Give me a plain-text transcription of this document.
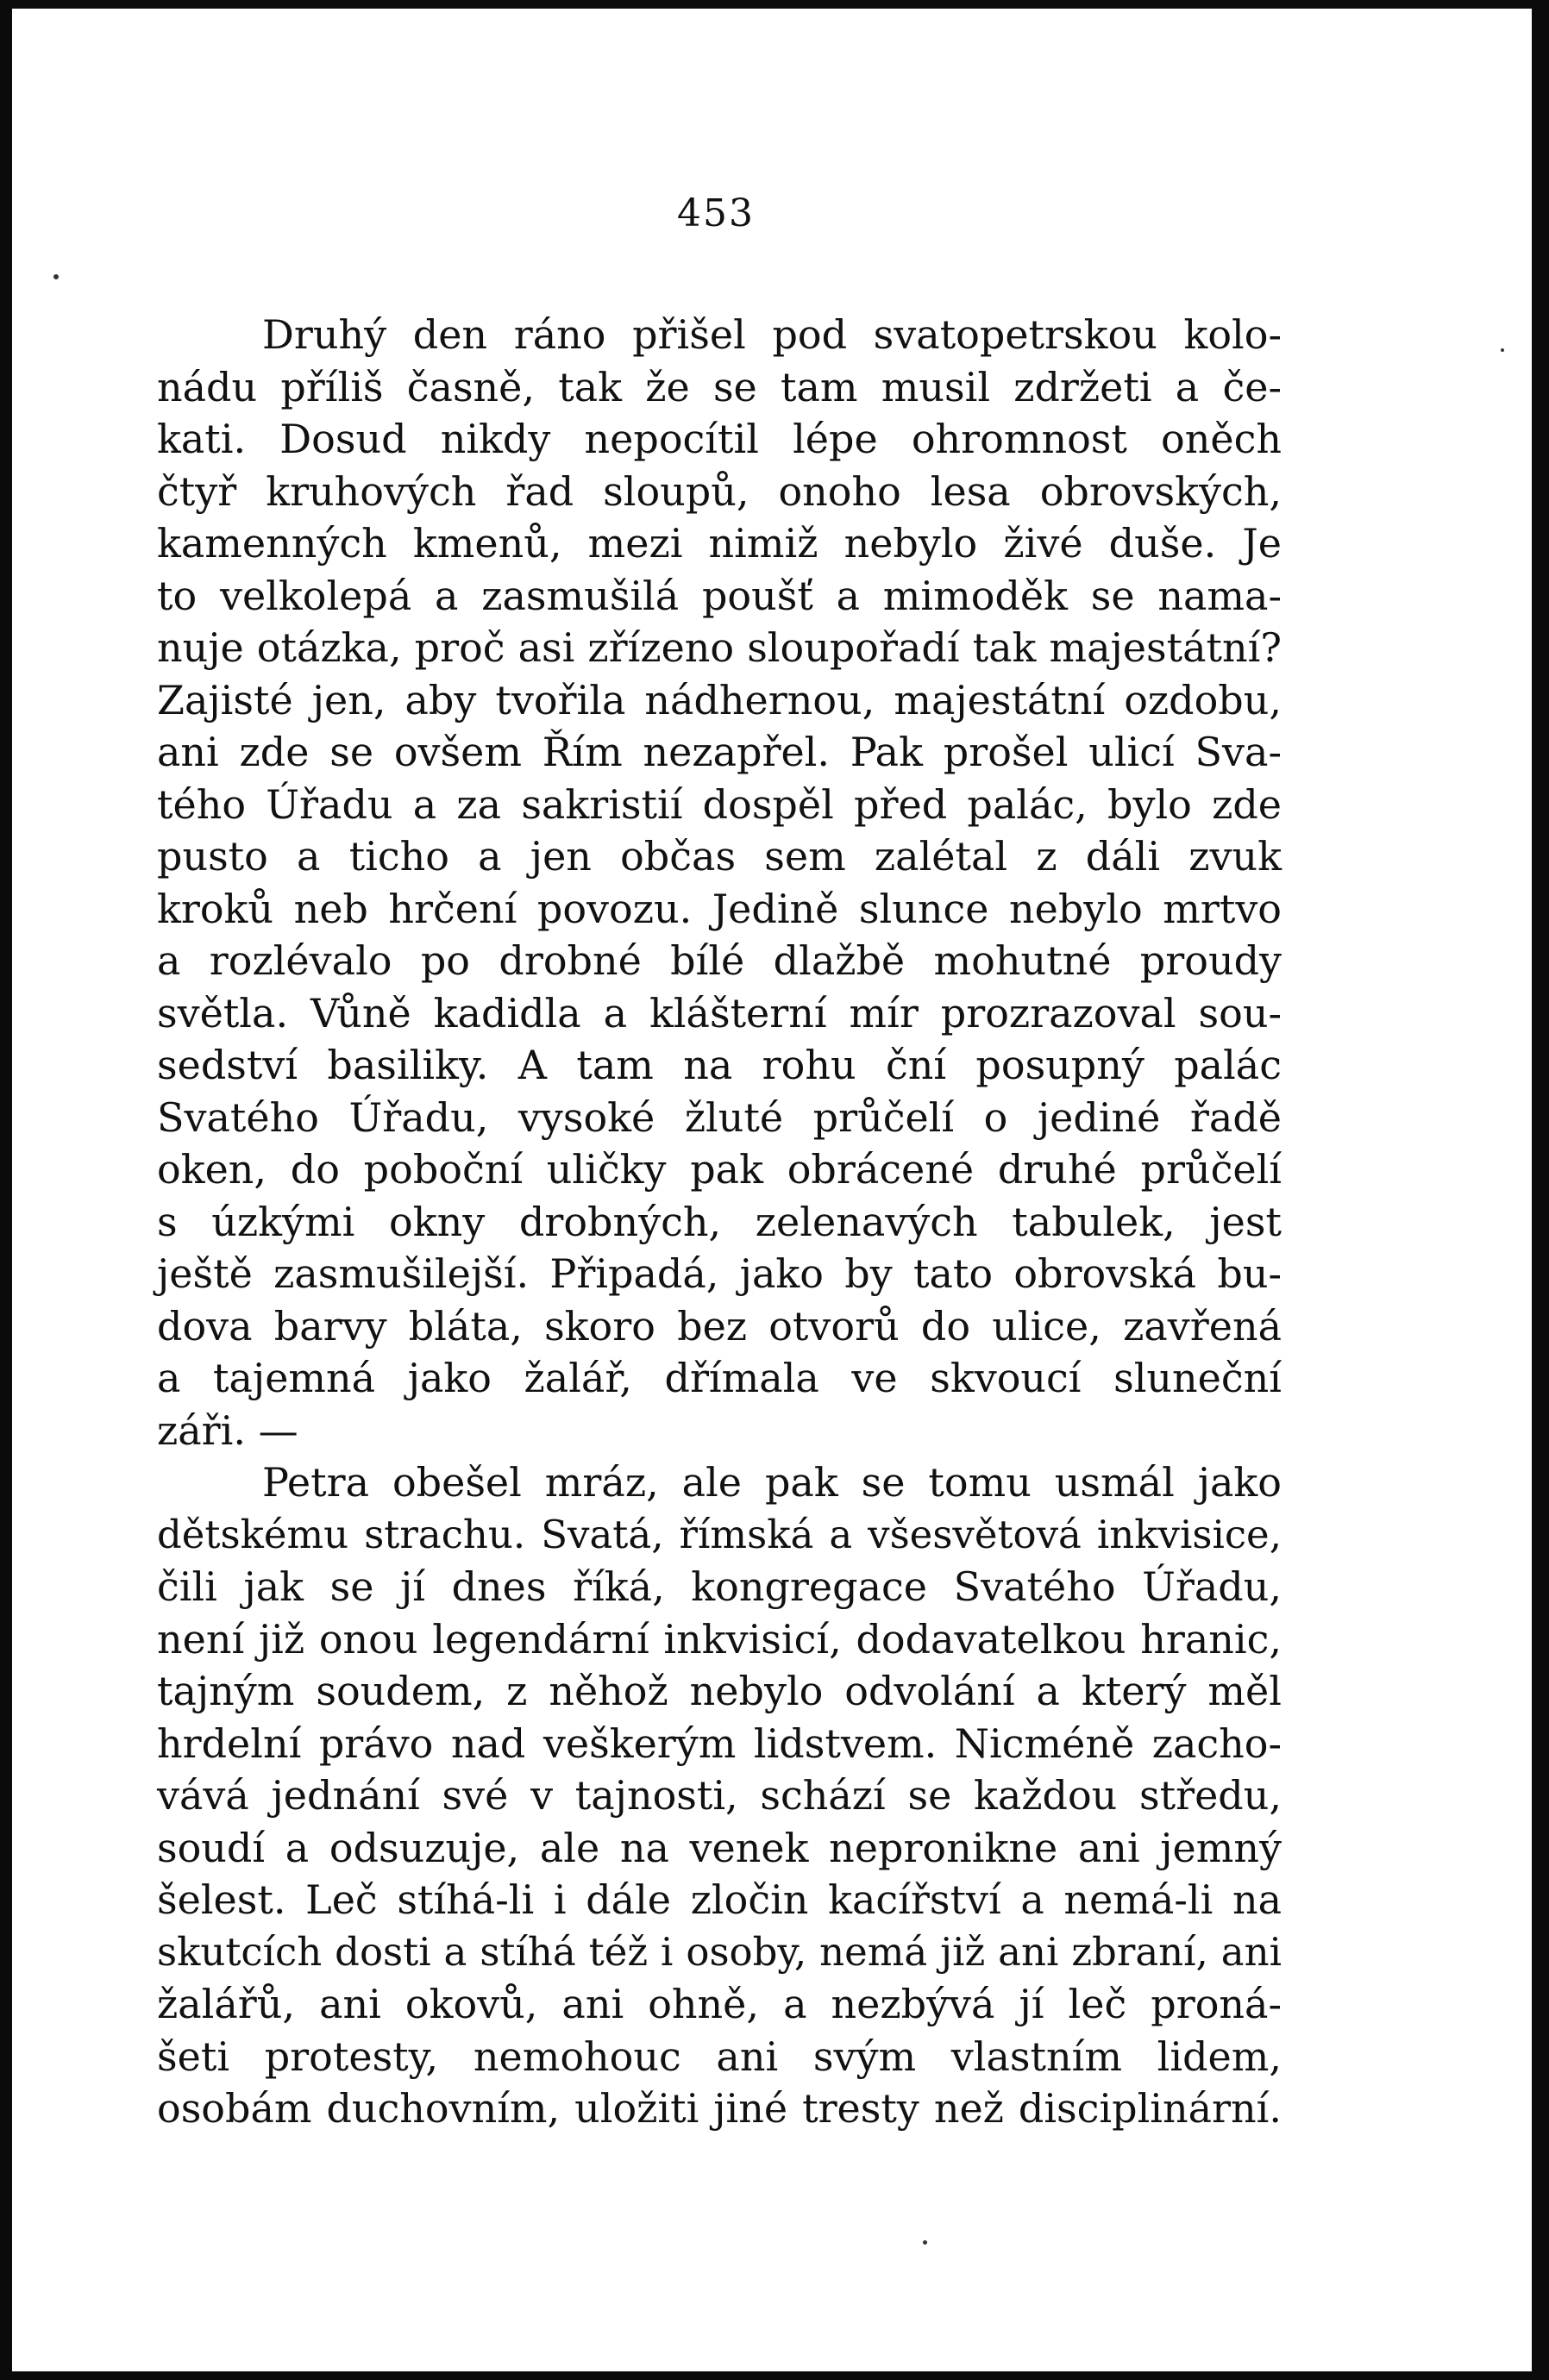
453
Druhý den ráno přišel pod svatopetrskou kolo-
nádu příliš časně, tak že se tam musil zdržeti a če-
kati. Dosud nikdy nepocítil lépe ohromnost oněch
čtyř kruhových řad sloupů, onoho lesa obrovských,
kamenných kmenů, mezi nimiž nebylo živé duše. Je
to velkolepá a zasmušilá poušť a mimoděk se nama-
nuje otázka, proč asi zřízeno sloupořadí tak majestátní?
Zajisté jen, aby tvořila nádhernou, majestátní ozdobu,
ani zde se ovšem Řím nezapřel. Pak prošel ulicí Sva-
tého Úřadu a za sakristií dospěl před palác, bylo zde
pusto a ticho a jen občas sem zalétal z dáli zvuk
kroků neb hrčení povozu. Jedině slunce nebylo mrtvo
a rozlévalo po drobné bílé dlažbě mohutné proudy
světla. Vůně kadidla a klášterní mír prozrazoval sou-
sedství basiliky. A tam na rohu ční posupný palác
Svatého Úřadu, vysoké žluté průčelí o jediné řadě
oken, do poboční uličky pak obrácené druhé průčelí
s úzkými okny drobných, zelenavých tabulek, jest
ještě zasmušilejší. Připadá, jako by tato obrovská bu-
dova barvy bláta, skoro bez otvorů do ulice, zavřená
a tajemná jako žalář, dřímala ve skvoucí sluneční
záři. —
Petra obešel mráz, ale pak se tomu usmál jako
dětskému strachu. Svatá, římská a všesvětová inkvisice,
čili jak se jí dnes říká, kongregace Svatého Úřadu,
není již onou legendární inkvisicí, dodavatelkou hranic,
tajným soudem, z něhož nebylo odvolání a který měl
hrdelní právo nad veškerým lidstvem. Nicméně zacho-
vává jednání své v tajnosti, schází se každou středu,
soudí a odsuzuje, ale na venek nepronikne ani jemný
šelest. Leč stíhá-li i dále zločin kacířství a nemá-li na
skutcích dosti a stíhá též i osoby, nemá již ani zbraní, ani
žalářů, ani okovů, ani ohně, a nezbývá jí leč proná-
šeti protesty, nemohouc ani svým vlastním lidem,
osobám duchovním, uložiti jiné tresty než disciplinární.
